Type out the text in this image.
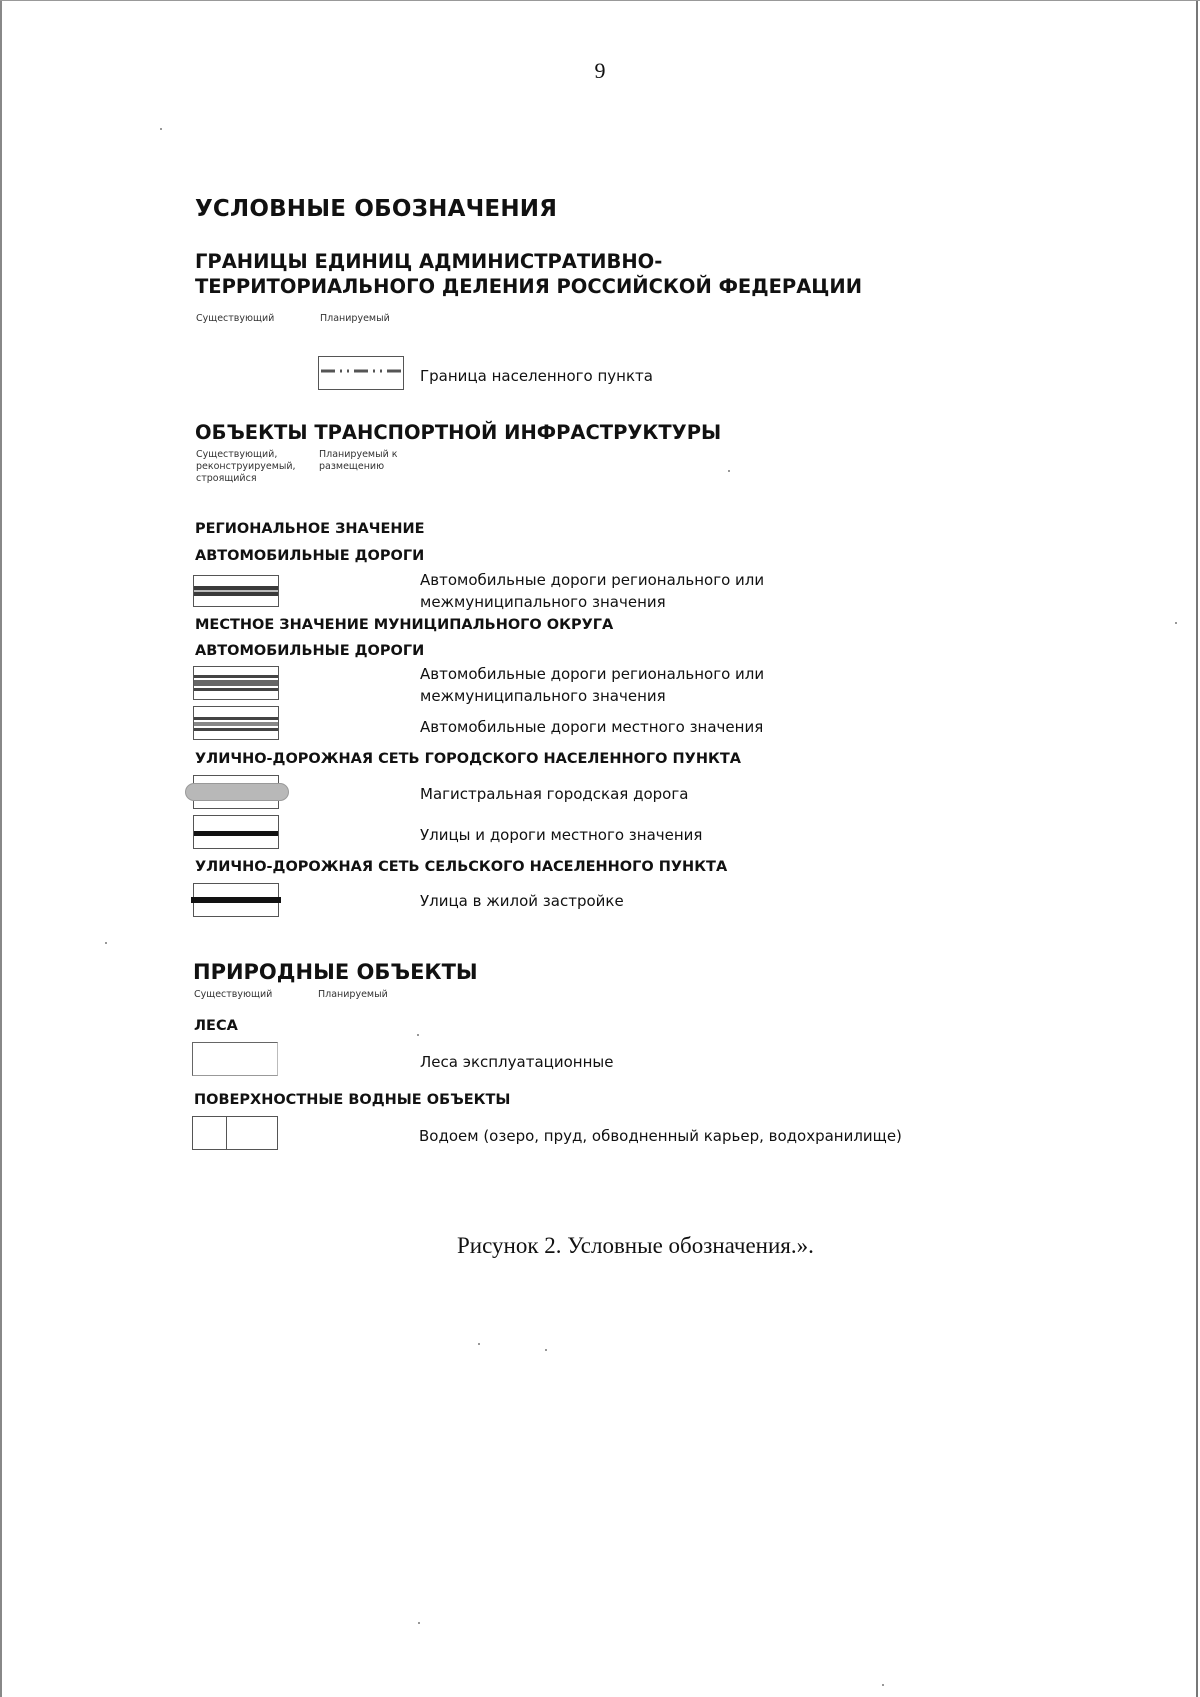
9
УСЛОВНЫЕ ОБОЗНАЧЕНИЯ
ГРАНИЦЫ ЕДИНИЦ АДМИНИСТРАТИВНО-ТЕРРИТОРИАЛЬНОГО ДЕЛЕНИЯ РОССИЙСКОЙ ФЕДЕРАЦИИ
Существующий	Планируемый
Граница населенного пункта
ОБЪЕКТЫ ТРАНСПОРТНОЙ ИНФРАСТРУКТУРЫ
Существующий, реконструируемый, строящийся
Планируемый к размещению
РЕГИОНАЛЬНОЕ ЗНАЧЕНИЕ
АВТОМОБИЛЬНЫЕ ДОРОГИ
Автомобильные дороги регионального или межмуниципального значения
МЕСТНОЕ ЗНАЧЕНИЕ МУНИЦИПАЛЬНОГО ОКРУГА
АВТОМОБИЛЬНЫЕ ДОРОГИ
Автомобильные дороги регионального или межмуниципального значения
Автомобильные дороги местного значения
УЛИЧНО-ДОРОЖНАЯ СЕТЬ ГОРОДСКОГО НАСЕЛЕННОГО ПУНКТА
Магистральная городская дорога
Улицы и дороги местного значения
УЛИЧНО-ДОРОЖНАЯ СЕТЬ СЕЛЬСКОГО НАСЕЛЕННОГО ПУНКТА
Улица в жилой застройке
ПРИРОДНЫЕ ОБЪЕКТЫ
Существующий	Планируемый
ЛЕСА
Леса эксплуатационные
ПОВЕРХНОСТНЫЕ ВОДНЫЕ ОБЪЕКТЫ
Водоем (озеро, пруд, обводненный карьер, водохранилище)
Рисунок 2. Условные обозначения.».
